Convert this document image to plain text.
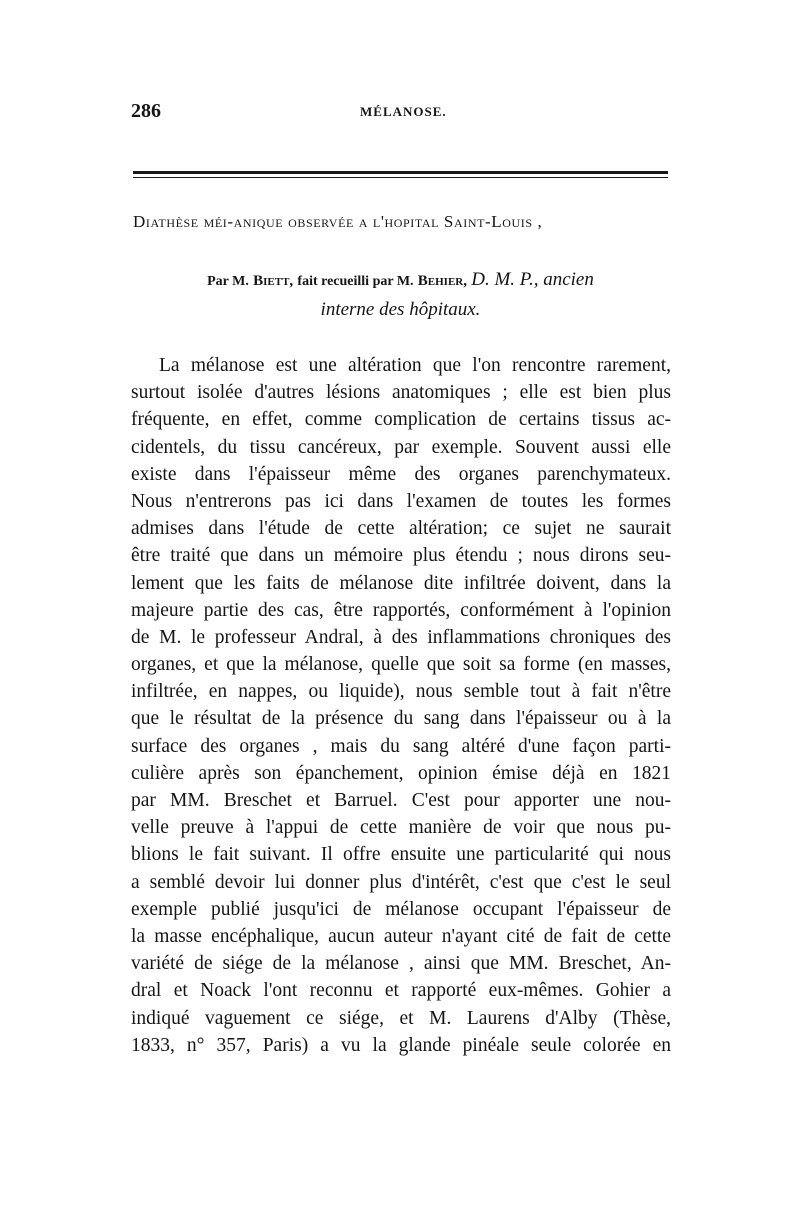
286	MÉLANOSE.
Diathèse méi-anique observée a l'hopital Saint-Louis ,
Par M. Biett, fait recueilli par M. Behier, D. M. P., ancien
interne des hôpitaux.
La mélanose est une altération que l'on rencontre rarement,
surtout isolée d'autres lésions anatomiques ; elle est bien plus
fréquente, en effet, comme complication de certains tissus ac-
cidentels, du tissu cancéreux, par exemple. Souvent aussi elle
existe dans l'épaisseur même des organes parenchymateux.
Nous n'entrerons pas ici dans l'examen de toutes les formes
admises dans l'étude de cette altération; ce sujet ne saurait
être traité que dans un mémoire plus étendu ; nous dirons seu-
lement que les faits de mélanose dite infiltrée doivent, dans la
majeure partie des cas, être rapportés, conformément à l'opinion
de M. le professeur Andral, à des inflammations chroniques des
organes, et que la mélanose, quelle que soit sa forme (en masses,
infiltrée, en nappes, ou liquide), nous semble tout à fait n'être
que le résultat de la présence du sang dans l'épaisseur ou à la
surface des organes , mais du sang altéré d'une façon parti-
culière après son épanchement, opinion émise déjà en 1821
par MM. Breschet et Barruel. C'est pour apporter une nou-
velle preuve à l'appui de cette manière de voir que nous pu-
blions le fait suivant. Il offre ensuite une particularité qui nous
a semblé devoir lui donner plus d'intérêt, c'est que c'est le seul
exemple publié jusqu'ici de mélanose occupant l'épaisseur de
la masse encéphalique, aucun auteur n'ayant cité de fait de cette
variété de siége de la mélanose , ainsi que MM. Breschet, An-
dral et Noack l'ont reconnu et rapporté eux-mêmes. Gohier a
indiqué vaguement ce siége, et M. Laurens d'Alby (Thèse,
1833, n° 357, Paris) a vu la glande pinéale seule colorée en
